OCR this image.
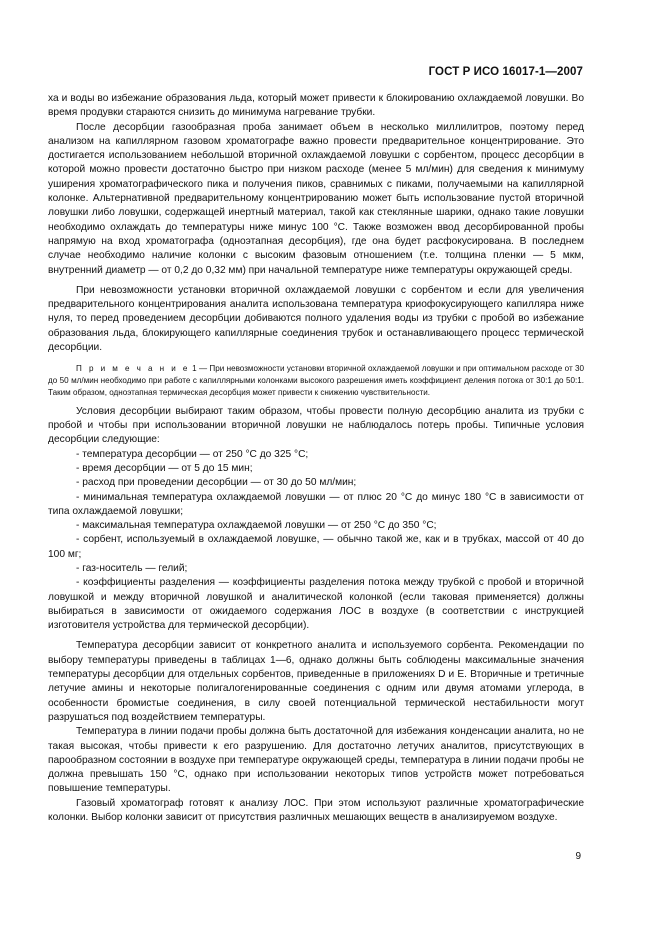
ГОСТ Р ИСО 16017-1—2007

ха и воды во избежание образования льда, который может привести к блокированию охлаждаемой ловушки. Во время продувки стараются снизить до минимума нагревание трубки.

После десорбции газообразная проба занимает объем в несколько миллилитров, поэтому перед анализом на капиллярном газовом хроматографе важно провести предварительное концентрирование. Это достигается использованием небольшой вторичной охлаждаемой ловушки с сорбентом, процесс десорбции в которой можно провести достаточно быстро при низком расходе (менее 5 мл/мин) для сведения к минимуму уширения хроматографического пика и получения пиков, сравнимых с пиками, получаемыми на капиллярной колонке. Альтернативной предварительному концентрированию может быть использование пустой вторичной ловушки либо ловушки, содержащей инертный материал, такой как стеклянные шарики, однако такие ловушки необходимо охлаждать до температуры ниже минус 100 °С. Также возможен ввод десорбированной пробы напрямую на вход хроматографа (одноэтапная десорбция), где она будет расфокусирована. В последнем случае необходимо наличие колонки с высоким фазовым отношением (т.е. толщина пленки — 5 мкм, внутренний диаметр — от 0,2 до 0,32 мм) при начальной температуре ниже температуры окружающей среды.

При невозможности установки вторичной охлаждаемой ловушки с сорбентом и если для увеличения предварительного концентрирования аналита использована температура криофокусирующего капилляра ниже нуля, то перед проведением десорбции добиваются полного удаления воды из трубки с пробой во избежание образования льда, блокирующего капиллярные соединения трубок и останавливающего процесс термической десорбции.

П р и м е ч а н и е 1 — При невозможности установки вторичной охлаждаемой ловушки и при оптимальном расходе от 30 до 50 мл/мин необходимо при работе с капиллярными колонками высокого разрешения иметь коэффициент деления потока от 30:1 до 50:1. Таким образом, одноэтапная термическая десорбция может привести к снижению чувствительности.

Условия десорбции выбирают таким образом, чтобы провести полную десорбцию аналита из трубки с пробой и чтобы при использовании вторичной ловушки не наблюдалось потерь пробы. Типичные условия десорбции следующие:

- температура десорбции — от 250 °С до 325 °С;

- время десорбции — от 5 до 15 мин;

- расход при проведении десорбции — от 30 до 50 мл/мин;

- минимальная температура охлаждаемой ловушки — от плюс 20 °С до минус 180 °С в зависимости от типа охлаждаемой ловушки;

- максимальная температура охлаждаемой ловушки — от 250 °С до 350 °С;

- сорбент, используемый в охлаждаемой ловушке, — обычно такой же, как и в трубках, массой от 40 до 100 мг;

- газ-носитель — гелий;

- коэффициенты разделения — коэффициенты разделения потока между трубкой с пробой и вторичной ловушкой и между вторичной ловушкой и аналитической колонкой (если таковая применяется) должны выбираться в зависимости от ожидаемого содержания ЛОС в воздухе (в соответствии с инструкцией изготовителя устройства для термической десорбции).

Температура десорбции зависит от конкретного аналита и используемого сорбента. Рекомендации по выбору температуры приведены в таблицах 1—6, однако должны быть соблюдены максимальные значения температуры десорбции для отдельных сорбентов, приведенные в приложениях D и E. Вторичные и третичные летучие амины и некоторые полигалогенированные соединения с одним или двумя атомами углерода, в особенности бромистые соединения, в силу своей потенциальной термической нестабильности могут разрушаться под воздействием температуры.

Температура в линии подачи пробы должна быть достаточной для избежания конденсации аналита, но не такая высокая, чтобы привести к его разрушению. Для достаточно летучих аналитов, присутствующих в парообразном состоянии в воздухе при температуре окружающей среды, температура в линии подачи пробы не должна превышать 150 °С, однако при использовании некоторых типов устройств может потребоваться повышение температуры.

Газовый хроматограф готовят к анализу ЛОС. При этом используют различные хроматографические колонки. Выбор колонки зависит от присутствия различных мешающих веществ в анализируемом воздухе.

9
